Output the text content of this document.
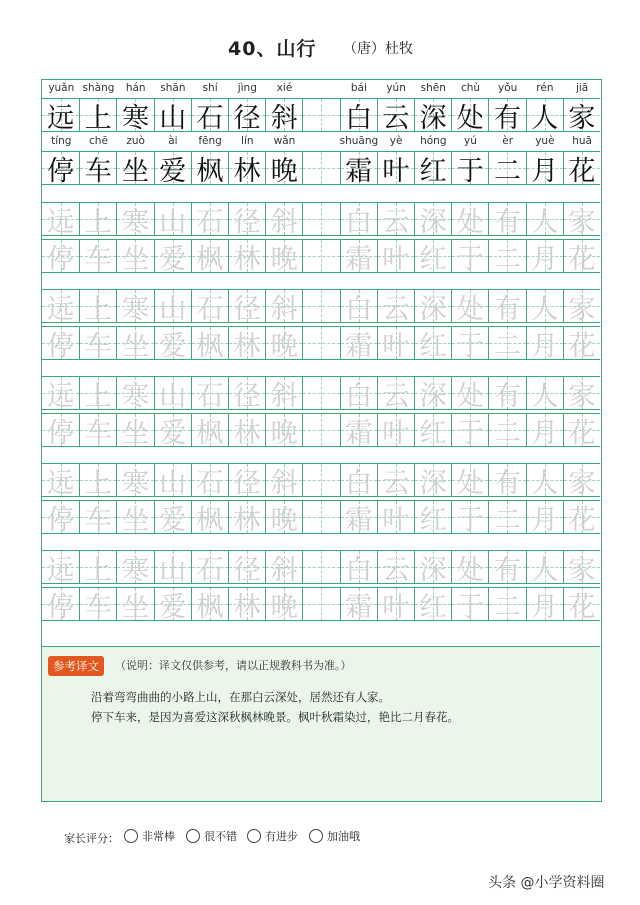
40、山行 （唐）杜牧
参考译文	（说明：译文仅供参考，请以正规教科书为准。）
沿着弯弯曲曲的小路上山，在那白云深处，居然还有人家。
停下车来，是因为喜爱这深秋枫林晚景。枫叶秋霜染过，艳比二月春花。
yuǎn shàng	hán	shān	shí	jìng	xié	bái	yún	shēn	chù	yǒu	rén	jiā
远 上 寒 山 石 径 斜 白 云 深 处 有 人 家
tíng	chē	zuò	ài	fēng	lín	wǎn	shuāng	yè	hóng	yú	èr	yuè	huā
停 车 坐 爱 枫 林 晚 霜 叶 红 于 二 月 花
远 上 寒 山 石 径 斜 白 云 深 处 有 人 家
停 车 坐 爱 枫 林 晚 霜 叶 红 于 二 月 花
远 上 寒 山 石 径 斜 白 云 深 处 有 人 家
停 车 坐 爱 枫 林 晚 霜 叶 红 于 二 月 花
远 上 寒 山 石 径 斜 白 云 深 处 有 人 家
停 车 坐 爱 枫 林 晚 霜 叶 红 于 二 月 花
远 上 寒 山 石 径 斜 白 云 深 处 有 人 家
停 车 坐 爱 枫 林 晚 霜 叶 红 于 二 月 花
远 上 寒 山 石 径 斜 白 云 深 处 有 人 家
停 车 坐 爱 枫 林 晚 霜 叶 红 于 二 月 花
家长评分： 非常棒	很不错	有进步	加油哦
头条 @小学资料圈
